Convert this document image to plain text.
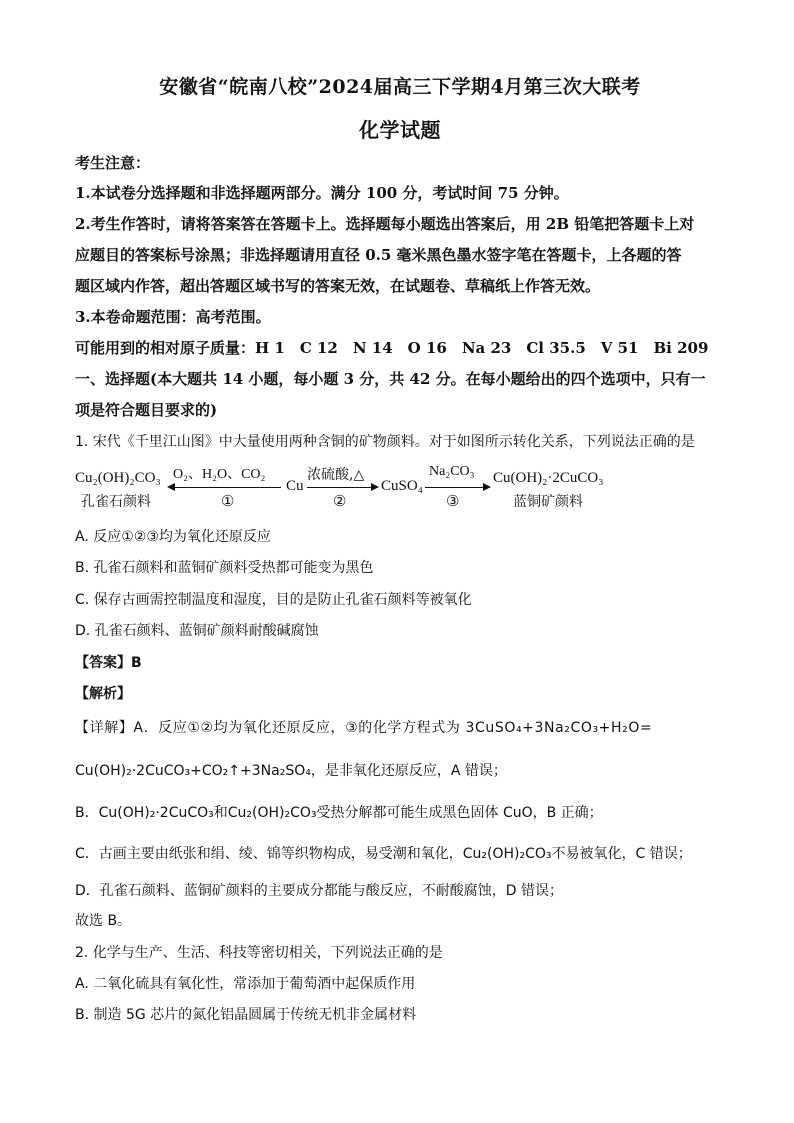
安徽省“皖南八校”2024届高三下学期4月第三次大联考
化学试题
考生注意：
1.本试卷分选择题和非选择题两部分。满分 100 分，考试时间 75 分钟。
2.考生作答时，请将答案答在答题卡上。选择题每小题选出答案后，用 2B 铅笔把答题卡上对
应题目的答案标号涂黑；非选择题请用直径 0.5 毫米黑色墨水签字笔在答题卡，上各题的答
题区域内作答，超出答题区域书写的答案无效，在试题卷、草稿纸上作答无效。
3.本卷命题范围：高考范围。
可能用到的相对原子质量：H 1　C 12　N 14　O 16　Na 23　Cl 35.5　V 51　Bi 209
一、选择题(本大题共 14 小题，每小题 3 分，共 42 分。在每小题给出的四个选项中，只有一
项是符合题目要求的)
1. 宋代《千里江山图》中大量使用两种含铜的矿物颜料。对于如图所示转化关系，下列说法正确的是
Cu₂(OH)₂CO₃
孔雀石颜料
O₂、H₂O、CO₂
①
Cu
浓硫酸,△
②
CuSO₄
Na₂CO₃
③
Cu(OH)₂·2CuCO₃
蓝铜矿颜料
A. 反应①②③均为氧化还原反应
B. 孔雀石颜料和蓝铜矿颜料受热都可能变为黑色
C. 保存古画需控制温度和湿度，目的是防止孔雀石颜料等被氧化
D. 孔雀石颜料、蓝铜矿颜料耐酸碱腐蚀
【答案】B
【解析】
【详解】A．反应①②均为氧化还原反应，③的化学方程式为 3CuSO₄+3Na₂CO₃+H₂O=
Cu(OH)₂·2CuCO₃+CO₂↑+3Na₂SO₄，是非氧化还原反应，A 错误；
B．Cu(OH)₂·2CuCO₃和Cu₂(OH)₂CO₃受热分解都可能生成黑色固体 CuO，B 正确；
C．古画主要由纸张和绢、绫、锦等织物构成，易受潮和氧化，Cu₂(OH)₂CO₃不易被氧化，C 错误；
D．孔雀石颜料、蓝铜矿颜料的主要成分都能与酸反应，不耐酸腐蚀，D 错误；
故选 B。
2. 化学与生产、生活、科技等密切相关，下列说法正确的是
A. 二氧化硫具有氧化性，常添加于葡萄酒中起保质作用
B. 制造 5G 芯片的氮化铝晶圆属于传统无机非金属材料
